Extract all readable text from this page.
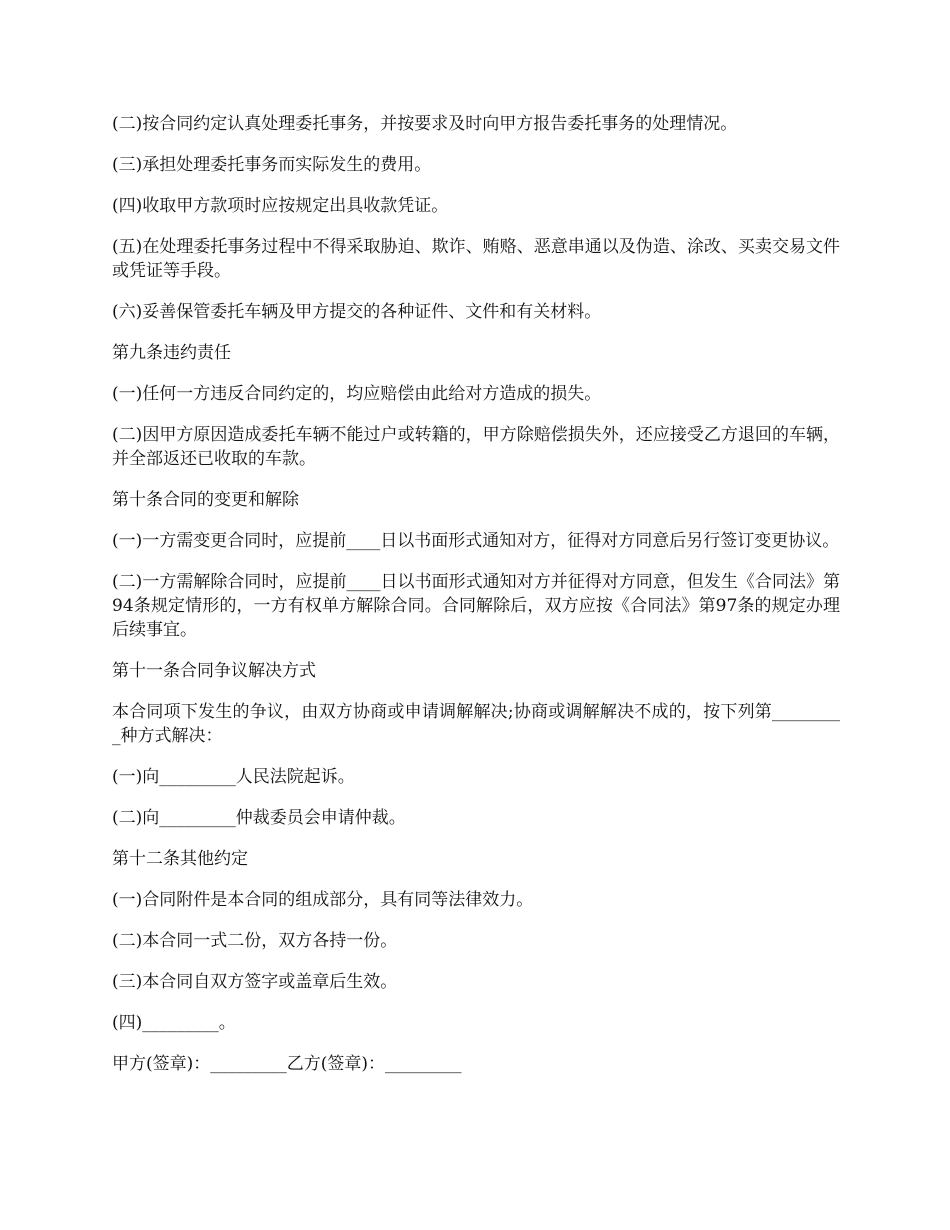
(二)按合同约定认真处理委托事务，并按要求及时向甲方报告委托事务的处理情况。

(三)承担处理委托事务而实际发生的费用。

(四)收取甲方款项时应按规定出具收款凭证。

(五)在处理委托事务过程中不得采取胁迫、欺诈、贿赂、恶意串通以及伪造、涂改、买卖交易文件或凭证等手段。

(六)妥善保管委托车辆及甲方提交的各种证件、文件和有关材料。

第九条违约责任

(一)任何一方违反合同约定的，均应赔偿由此给对方造成的损失。

(二)因甲方原因造成委托车辆不能过户或转籍的，甲方除赔偿损失外，还应接受乙方退回的车辆，并全部返还已收取的车款。

第十条合同的变更和解除

(一)一方需变更合同时，应提前____日以书面形式通知对方，征得对方同意后另行签订变更协议。

(二)一方需解除合同时，应提前____日以书面形式通知对方并征得对方同意，但发生《合同法》第94条规定情形的，一方有权单方解除合同。合同解除后，双方应按《合同法》第97条的规定办理后续事宜。

第十一条合同争议解决方式

本合同项下发生的争议，由双方协商或申请调解解决;协商或调解解决不成的，按下列第_________种方式解决：

(一)向_________人民法院起诉。

(二)向_________仲裁委员会申请仲裁。

第十二条其他约定

(一)合同附件是本合同的组成部分，具有同等法律效力。

(二)本合同一式二份，双方各持一份。

(三)本合同自双方签字或盖章后生效。

(四)_________。

甲方(签章)：_________乙方(签章)：_________
